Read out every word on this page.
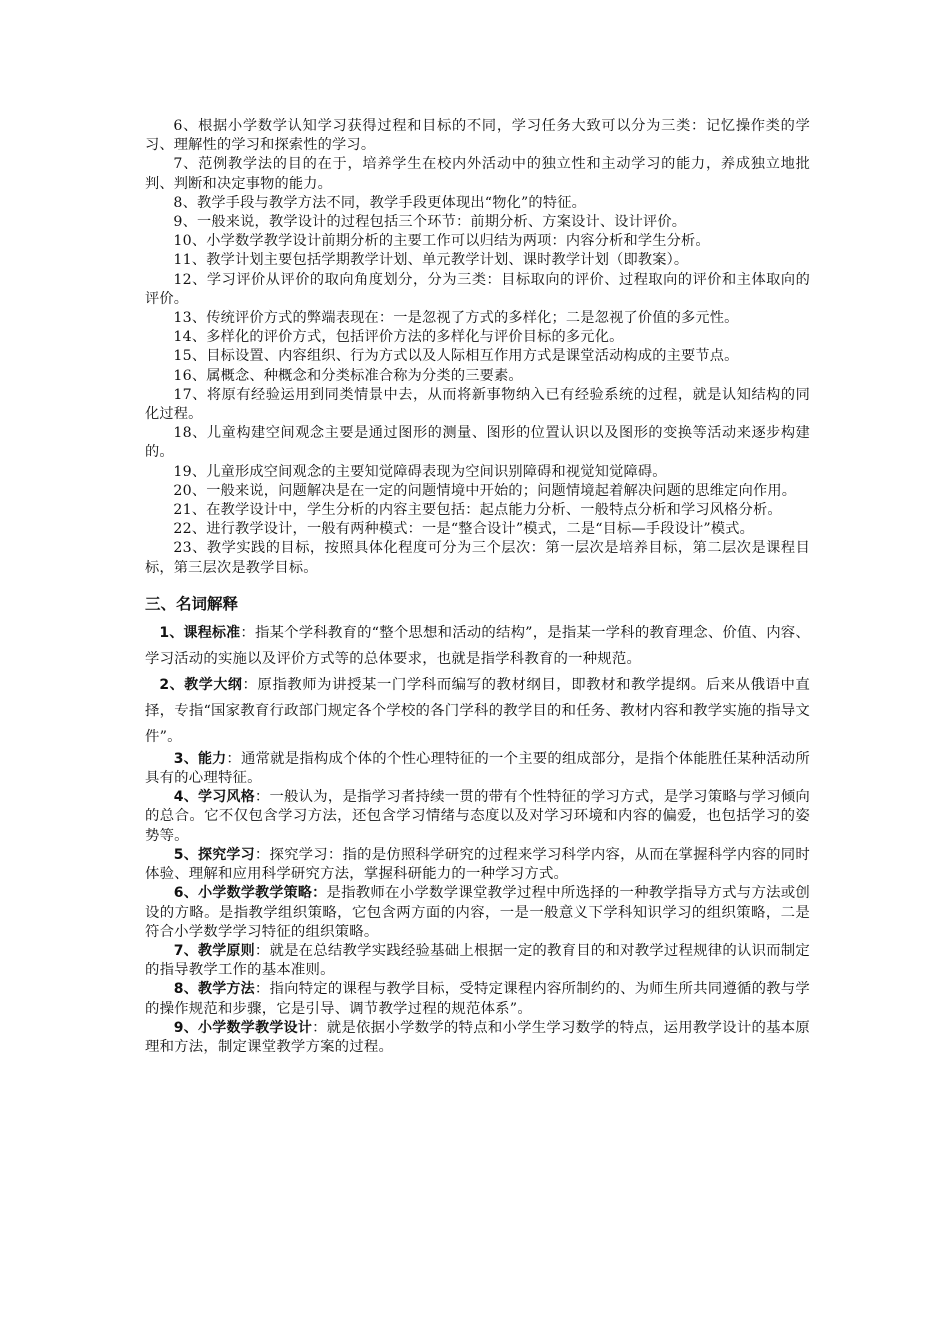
6、根据小学数学认知学习获得过程和目标的不同，学习任务大致可以分为三类：记忆操作类的学习、理解性的学习和探索性的学习。

7、范例教学法的目的在于，培养学生在校内外活动中的独立性和主动学习的能力，养成独立地批判、判断和决定事物的能力。

8、教学手段与教学方法不同，教学手段更体现出“物化”的特征。

9、一般来说，教学设计的过程包括三个环节：前期分析、方案设计、设计评价。

10、小学数学教学设计前期分析的主要工作可以归结为两项：内容分析和学生分析。

11、教学计划主要包括学期教学计划、单元教学计划、课时教学计划（即教案）。

12、学习评价从评价的取向角度划分，分为三类：目标取向的评价、过程取向的评价和主体取向的评价。

13、传统评价方式的弊端表现在：一是忽视了方式的多样化；二是忽视了价值的多元性。

14、多样化的评价方式，包括评价方法的多样化与评价目标的多元化。

15、目标设置、内容组织、行为方式以及人际相互作用方式是课堂活动构成的主要节点。

16、属概念、种概念和分类标准合称为分类的三要素。

17、将原有经验运用到同类情景中去，从而将新事物纳入已有经验系统的过程，就是认知结构的同化过程。

18、儿童构建空间观念主要是通过图形的测量、图形的位置认识以及图形的变换等活动来逐步构建的。

19、儿童形成空间观念的主要知觉障碍表现为空间识别障碍和视觉知觉障碍。

20、一般来说，问题解决是在一定的问题情境中开始的；问题情境起着解决问题的思维定向作用。

21、在教学设计中，学生分析的内容主要包括：起点能力分析、一般特点分析和学习风格分析。

22、进行教学设计，一般有两种模式：一是“整合设计”模式，二是“目标—手段设计”模式。

23、教学实践的目标，按照具体化程度可分为三个层次：第一层次是培养目标，第二层次是课程目标，第三层次是教学目标。

三、名词解释

1、课程标准：指某个学科教育的“整个思想和活动的结构”，是指某一学科的教育理念、价值、内容、学习活动的实施以及评价方式等的总体要求，也就是指学科教育的一种规范。

2、教学大纲：原指教师为讲授某一门学科而编写的教材纲目，即教材和教学提纲。后来从俄语中直择，专指“国家教育行政部门规定各个学校的各门学科的教学目的和任务、教材内容和教学实施的指导文件”。

3、能力：通常就是指构成个体的个性心理特征的一个主要的组成部分，是指个体能胜任某种活动所具有的心理特征。

4、学习风格：一般认为，是指学习者持续一贯的带有个性特征的学习方式，是学习策略与学习倾向的总合。它不仅包含学习方法，还包含学习情绪与态度以及对学习环境和内容的偏爱，也包括学习的姿势等。

5、探究学习：探究学习：指的是仿照科学研究的过程来学习科学内容，从而在掌握科学内容的同时体验、理解和应用科学研究方法，掌握科研能力的一种学习方式。

6、小学数学教学策略：是指教师在小学数学课堂教学过程中所选择的一种教学指导方式与方法或创设的方略。是指教学组织策略，它包含两方面的内容，一是一般意义下学科知识学习的组织策略，二是符合小学数学学习特征的组织策略。

7、教学原则：就是在总结教学实践经验基础上根据一定的教育目的和对教学过程规律的认识而制定的指导教学工作的基本准则。

8、教学方法：指向特定的课程与教学目标，受特定课程内容所制约的、为师生所共同遵循的教与学的操作规范和步骤，它是引导、调节教学过程的规范体系”。

9、小学数学教学设计：就是依据小学数学的特点和小学生学习数学的特点，运用教学设计的基本原理和方法，制定课堂教学方案的过程。
